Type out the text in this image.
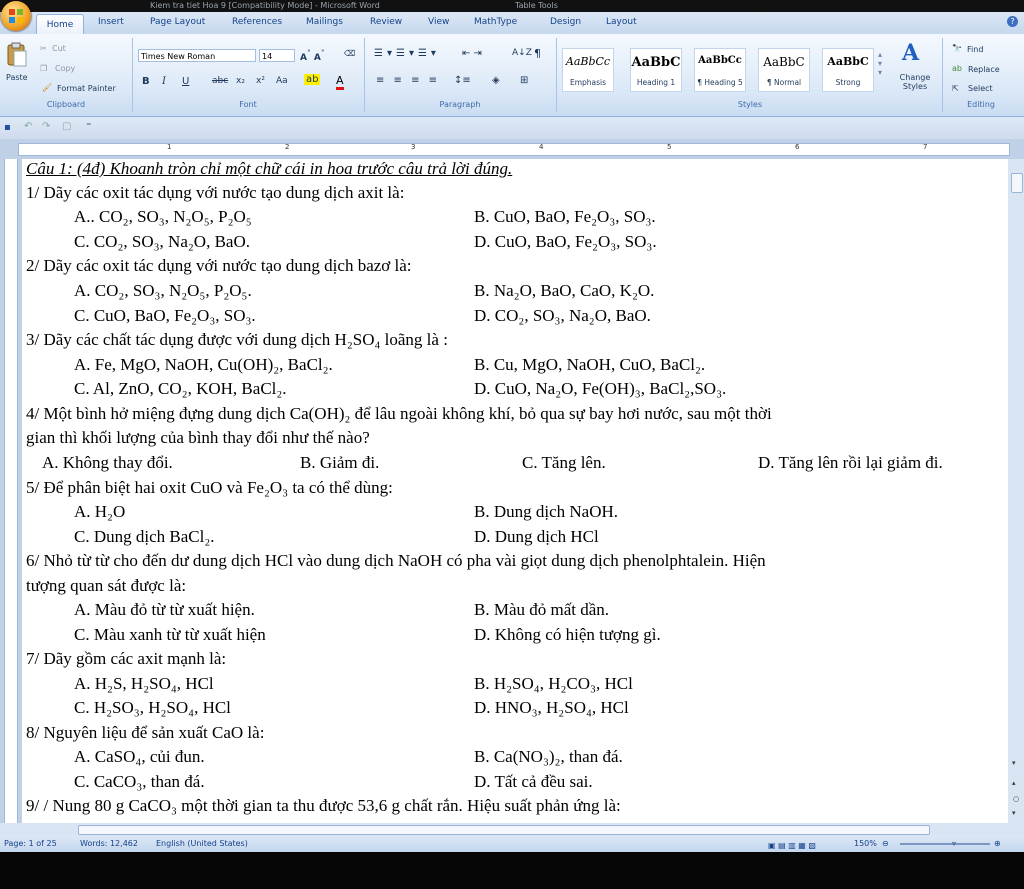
Kiem tra tiet Hoa 9 [Compatibility Mode] - Microsoft Word	Table Tools
Home	Insert	Page Layout	References	Mailings	Review	View	MathType	Design	Layout	?
Paste
✂ Cut
❐ Copy
🖌 Format Painter
Clipboard
Times New Roman	14	A˄ A˅ ⌫
B I U	abc x₂ x² Aa ab A
Font
☰▾☰▾☰▾ ⇤ ⇥	A↓Z ¶
≡ ≡ ≡ ≡ ↕≡ ◈ ⊞
Paragraph
AaBbCc
Emphasis
AaBbC
Heading 1
AaBbCc
¶ Heading 5
AaBbC
¶ Normal
AaBbC
Strong
▴
▾
▾
A
Change Styles
Styles
🔭 Find
ab Replace
⇱ Select
Editing
▪ ↶ ↷ ▢ ⁼
1	2	3	4	5	6	7
Câu 1: (4đ) Khoanh tròn chỉ một chữ cái in hoa trước câu trả lời đúng.
1/ Dãy các oxit tác dụng với nước tạo dung dịch axit là:
A.. CO₂, SO₃, N₂O₅, P₂O₅	B. CuO, BaO, Fe₂O₃, SO₃.
C. CO₂, SO₃, Na₂O, BaO.	D. CuO, BaO, Fe₂O₃, SO₃.
2/ Dãy các oxit tác dụng với nước tạo dung dịch bazơ là:
A. CO₂, SO₃, N₂O₅, P₂O₅.	B. Na₂O, BaO, CaO, K₂O.
C. CuO, BaO, Fe₂O₃, SO₃.	D. CO₂, SO₃, Na₂O, BaO.
3/ Dãy các chất tác dụng được với dung dịch H₂SO₄ loãng là :
A. Fe, MgO, NaOH, Cu(OH)₂, BaCl₂.	B. Cu, MgO, NaOH, CuO, BaCl₂.
C. Al, ZnO, CO₂, KOH, BaCl₂.	D. CuO, Na₂O, Fe(OH)₃, BaCl₂,SO₃.
4/ Một bình hở miệng đựng dung dịch Ca(OH)₂ để lâu ngoài không khí, bỏ qua sự bay hơi nước, sau một thời
gian thì khối lượng của bình thay đổi như thế nào?
A. Không thay đổi.	B. Giảm đi.	C. Tăng lên.	D. Tăng lên rồi lại giảm đi.
5/ Để phân biệt hai oxit CuO và Fe₂O₃ ta có thể dùng:
A. H₂O	B. Dung dịch NaOH.
C. Dung dịch BaCl₂.	D. Dung dịch HCl
6/ Nhỏ từ từ cho đến dư dung dịch HCl vào dung dịch NaOH có pha vài giọt dung dịch phenolphtalein. Hiện
tượng quan sát được là:
A. Màu đỏ từ từ xuất hiện.	B. Màu đỏ mất dần.
C. Màu xanh từ từ xuất hiện	D. Không có hiện tượng gì.
7/ Dãy gồm các axit mạnh là:
A. H₂S, H₂SO₄, HCl	B. H₂SO₄, H₂CO₃, HCl
C. H₂SO₃, H₂SO₄, HCl	D. HNO₃, H₂SO₄, HCl
8/ Nguyên liệu để sản xuất CaO là:
A. CaSO₄, củi đun.	B. Ca(NO₃)₂, than đá.
C. CaCO₃, than đá.	D. Tất cả đều sai.
9/ / Nung 80 g CaCO₃ một thời gian ta thu được 53,6 g chất rắn. Hiệu suất phản ứng là:
▾
▴
○
▾
Page: 1 of 25	Words: 12,462 English (United States)	▣ ▤ ▥ ▦ ▧	150% ⊖	▿	⊕
